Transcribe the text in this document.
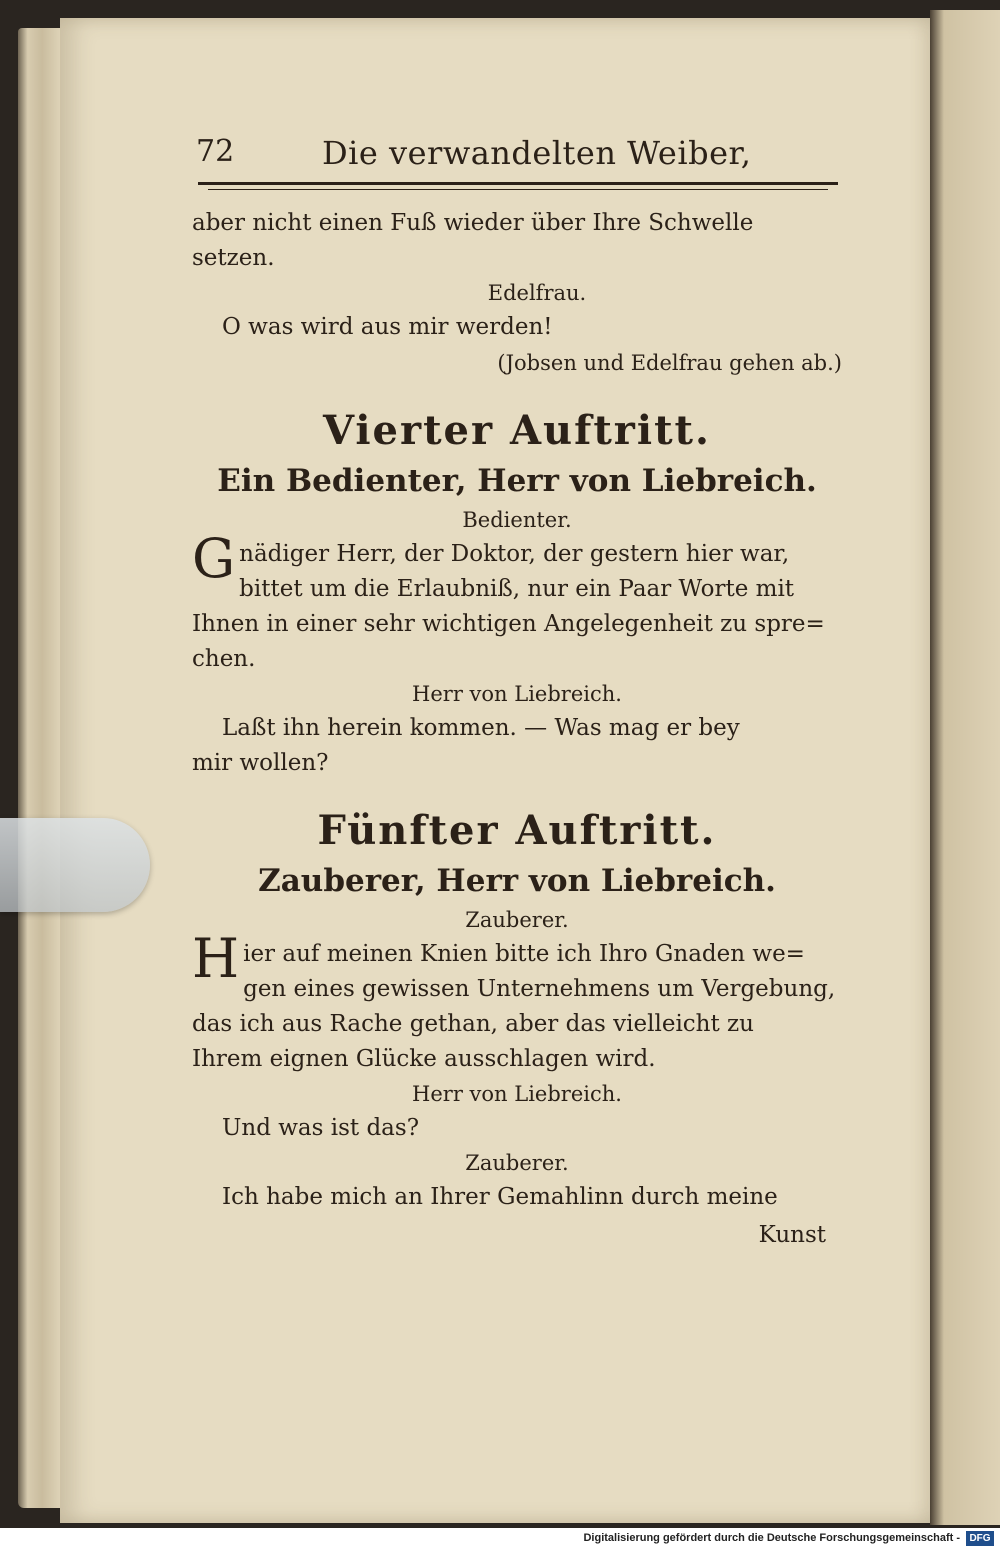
72	Die verwandelten Weiber,

aber nicht einen Fuß wieder über Ihre Schwelle

setzen.

Edelfrau.

O was wird aus mir werden!

(Jobsen und Edelfrau gehen ab.)

Vierter Auftritt.
Ein Bedienter, Herr von Liebreich.
Bedienter.
G nädiger Herr, der Doktor, der gestern hier war,

bittet um die Erlaubniß, nur ein Paar Worte mit

Ihnen in einer sehr wichtigen Angelegenheit zu spre=

chen.

Herr von Liebreich.

Laßt ihn herein kommen. — Was mag er bey

mir wollen?

Fünfter Auftritt.
Zauberer, Herr von Liebreich.
Zauberer.
H ier auf meinen Knien bitte ich Ihro Gnaden we=

gen eines gewissen Unternehmens um Vergebung,

das ich aus Rache gethan, aber das vielleicht zu

Ihrem eignen Glücke ausschlagen wird.

Herr von Liebreich.

Und was ist das?

Zauberer.

Ich habe mich an Ihrer Gemahlinn durch meine

Kunst
Digitalisierung gefördert durch die Deutsche Forschungsgemeinschaft - DFG
